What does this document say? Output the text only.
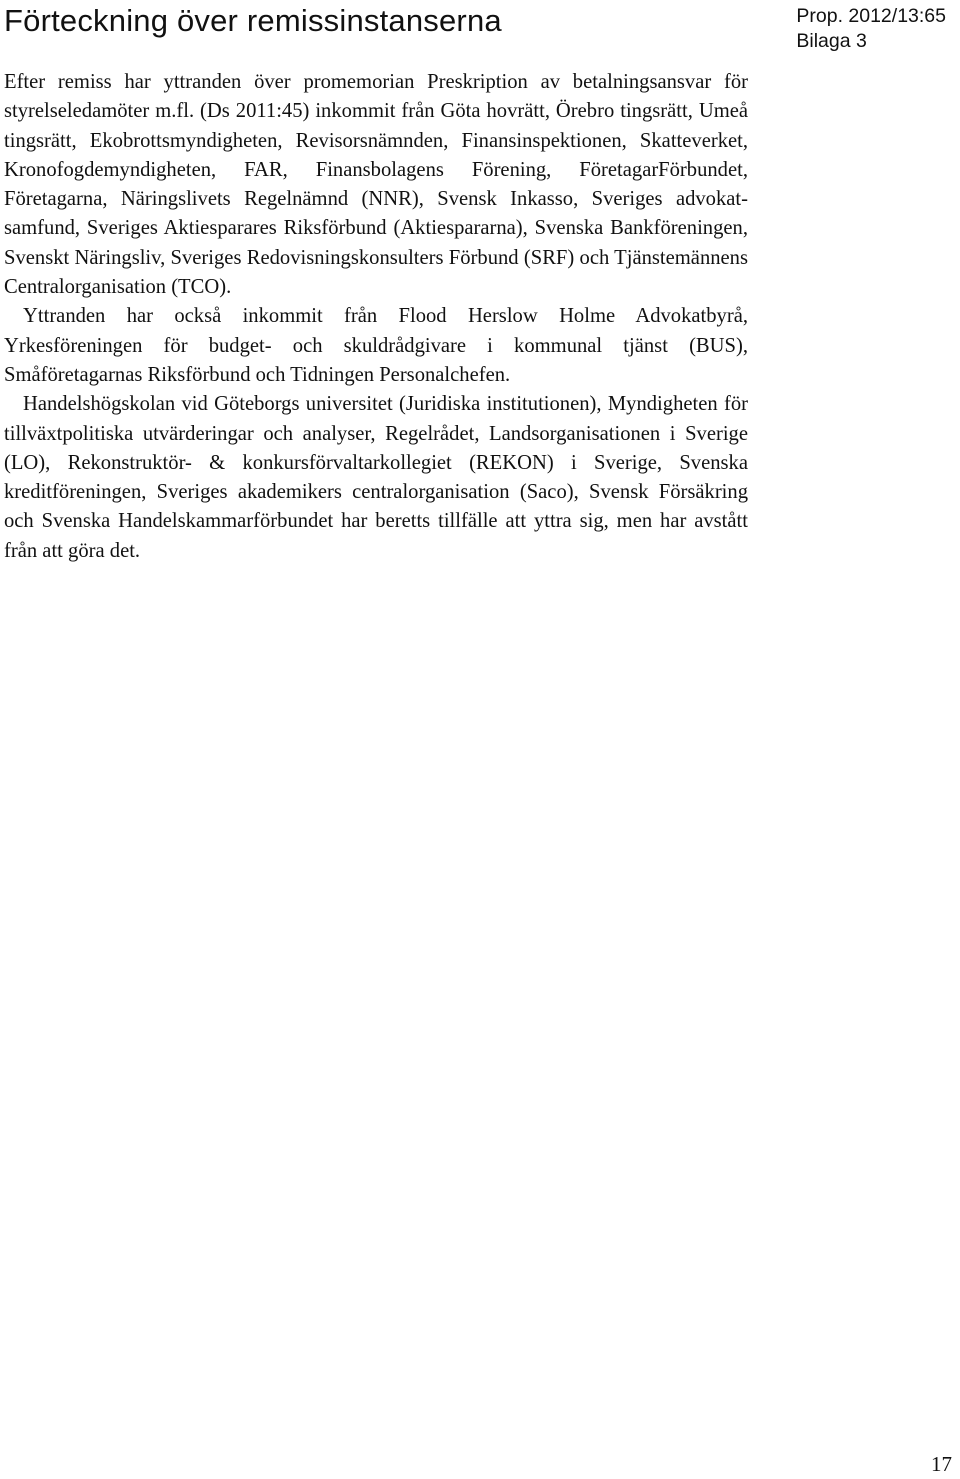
Förteckning över remissinstanserna	Prop. 2012/13:65
Bilaga 3

Efter remiss har yttranden över promemorian Preskription av betalningsansvar för styrelseledamöter m.fl. (Ds 2011:45) inkommit från Göta hovrätt, Örebro tingsrätt, Umeå tingsrätt, Ekobrottsmyndigheten, Revisorsnämnden, Finansinspektionen, Skatteverket, Kronofogdemyndigheten, FAR, Finansbolagens Förening, FöretagarFörbundet, Företagarna, Näringslivets Regelnämnd (NNR), Svensk Inkasso, Sveriges advokatsamfund, Sveriges Aktiesparares Riksförbund (Aktiespararna), Svenska Bankföreningen, Svenskt Näringsliv, Sveriges Redovisningskonsulters Förbund (SRF) och Tjänstemännens Centralorganisation (TCO).

Yttranden har också inkommit från Flood Herslow Holme Advokatbyrå, Yrkesföreningen för budget- och skuldrådgivare i kommunal tjänst (BUS), Småföretagarnas Riksförbund och Tidningen Personalchefen.

Handelshögskolan vid Göteborgs universitet (Juridiska institutionen), Myndigheten för tillväxtpolitiska utvärderingar och analyser, Regelrådet, Landsorganisationen i Sverige (LO), Rekonstruktör- & konkursförvaltarkollegiet (REKON) i Sverige, Svenska kreditföreningen, Sveriges akademikers centralorganisation (Saco), Svensk Försäkring och Svenska Handelskammarförbundet har beretts tillfälle att yttra sig, men har avstått från att göra det.

17
